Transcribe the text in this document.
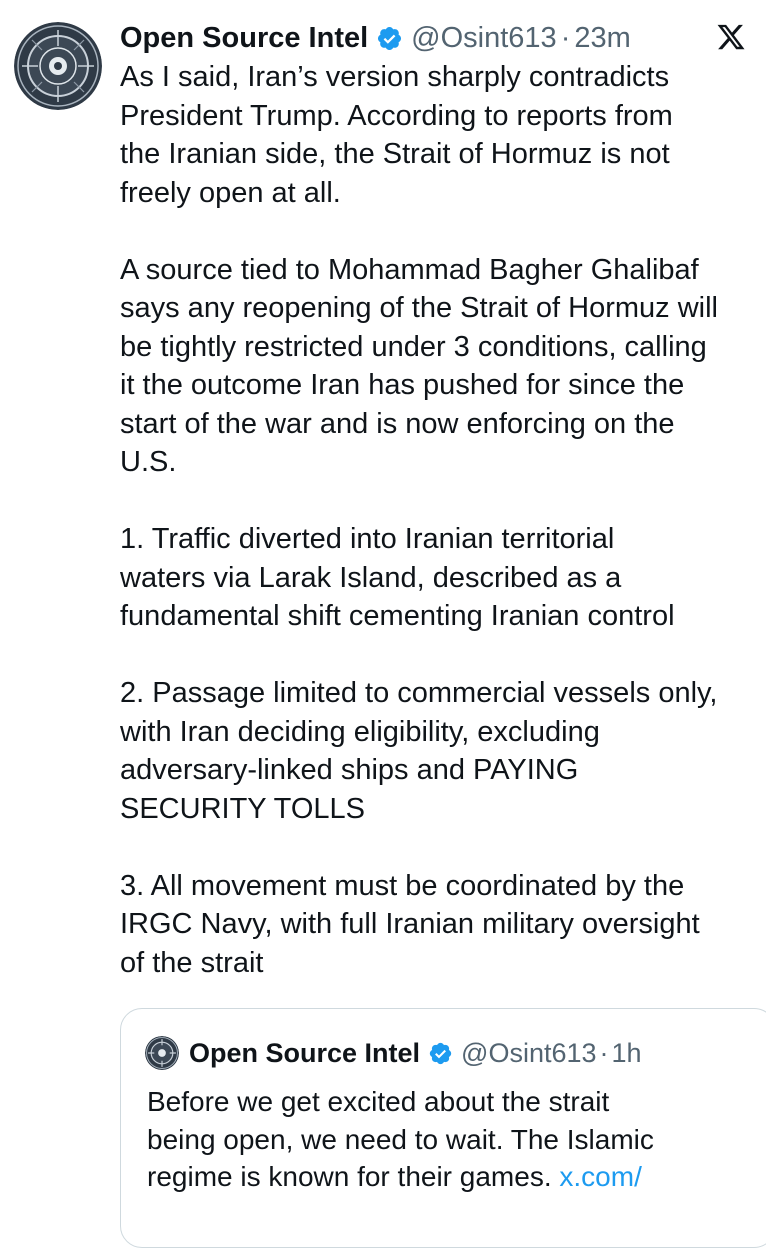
Open Source Intel @Osint613 · 23m

As I said, Iran’s version sharply contradicts
President Trump. According to reports from
the Iranian side, the Strait of Hormuz is not
freely open at all.

A source tied to Mohammad Bagher Ghalibaf
says any reopening of the Strait of Hormuz will
be tightly restricted under 3 conditions, calling
it the outcome Iran has pushed for since the
start of the war and is now enforcing on the
U.S.

1. Traffic diverted into Iranian territorial
waters via Larak Island, described as a
fundamental shift cementing Iranian control

2. Passage limited to commercial vessels only,
with Iran deciding eligibility, excluding
adversary-linked ships and PAYING
SECURITY TOLLS

3. All movement must be coordinated by the
IRGC Navy, with full Iranian military oversight
of the strait

Open Source Intel @Osint613 · 1h
Before we get excited about the strait
being open, we need to wait. The Islamic
regime is known for their games. x.com/
